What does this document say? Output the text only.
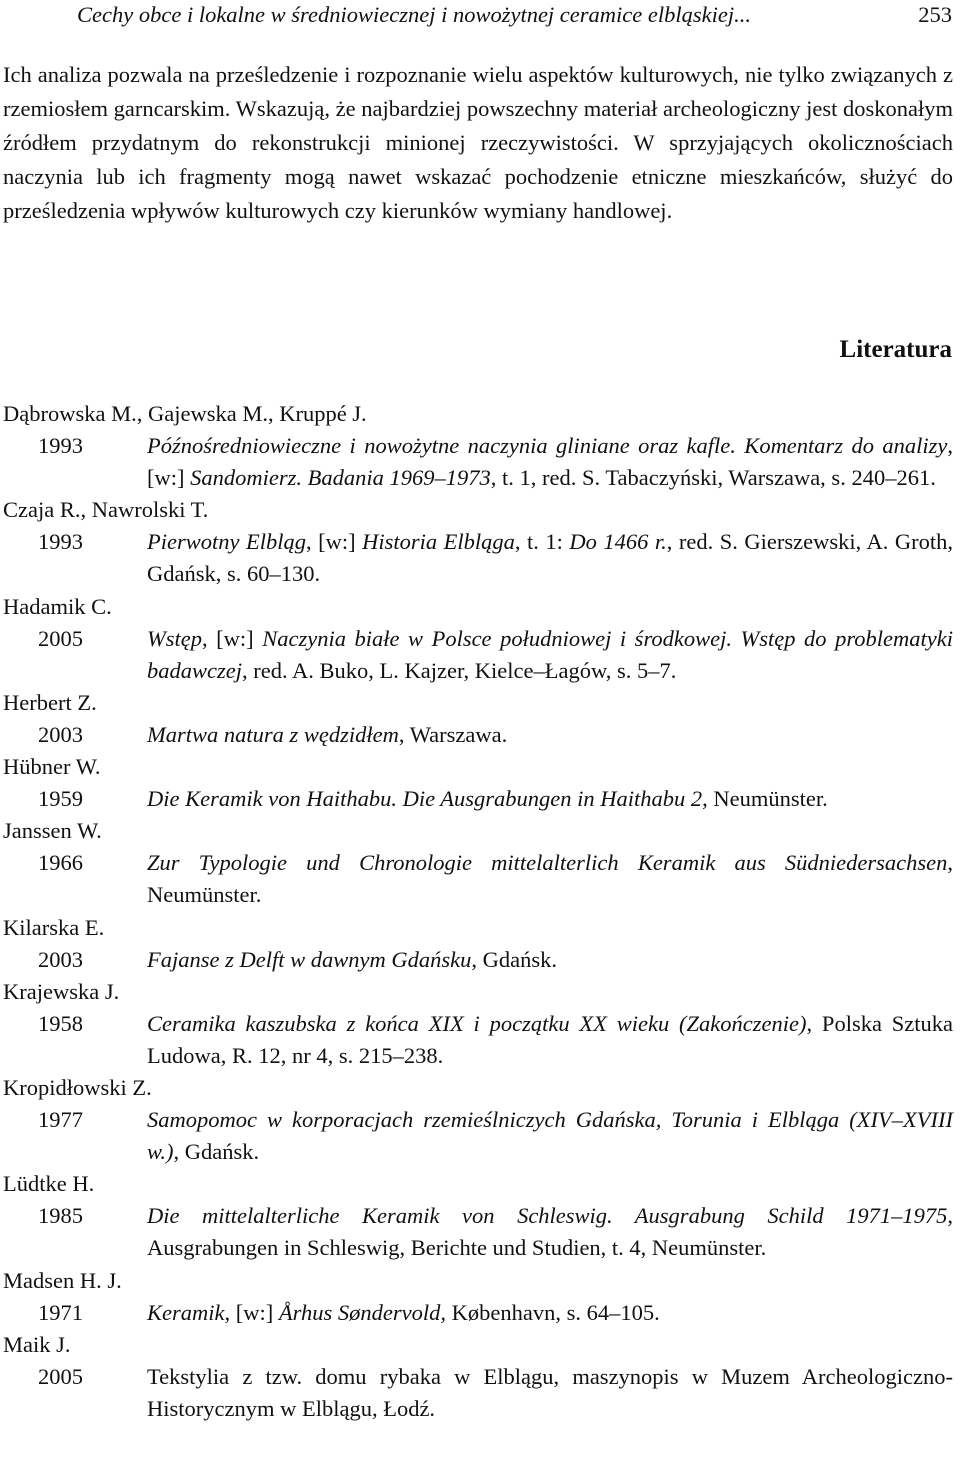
Cechy obce i lokalne w średniowiecznej i nowożytnej ceramice elbląskiej...	253

Ich analiza pozwala na prześledzenie i rozpoznanie wielu aspektów kulturowych, nie tylko związanych z rzemiosłem garncarskim. Wskazują, że najbardziej powszechny materiał archeologiczny jest doskonałym źródłem przydatnym do rekonstrukcji minionej rzeczywistości. W sprzyjających okolicznościach naczynia lub ich fragmenty mogą nawet wskazać pochodzenie etniczne mieszkańców, służyć do prześledzenia wpływów kulturowych czy kierunków wymiany handlowej.

Literatura
Dąbrowska M., Gajewska M., Kruppé J.
1993	Późnośredniowieczne i nowożytne naczynia gliniane oraz kafle. Komentarz do analizy, [w:] Sandomierz. Badania 1969–1973, t. 1, red. S. Tabaczyński, Warszawa, s. 240–261.
Czaja R., Nawrolski T.
1993	Pierwotny Elbląg, [w:] Historia Elbląga, t. 1: Do 1466 r., red. S. Gierszewski, A. Groth, Gdańsk, s. 60–130.
Hadamik C.
2005	Wstęp, [w:] Naczynia białe w Polsce południowej i środkowej. Wstęp do problematyki badawczej, red. A. Buko, L. Kajzer, Kielce–Łagów, s. 5–7.
Herbert Z.
2003	Martwa natura z wędzidłem, Warszawa.
Hübner W.
1959	Die Keramik von Haithabu. Die Ausgrabungen in Haithabu 2, Neumünster.
Janssen W.
1966	Zur Typologie und Chronologie mittelalterlich Keramik aus Südniedersachsen, Neumünster.
Kilarska E.
2003	Fajanse z Delft w dawnym Gdańsku, Gdańsk.
Krajewska J.
1958	Ceramika kaszubska z końca XIX i początku XX wieku (Zakończenie), Polska Sztuka Ludowa, R. 12, nr 4, s. 215–238.
Kropidłowski Z.
1977	Samopomoc w korporacjach rzemieślniczych Gdańska, Torunia i Elbląga (XIV–XVIII w.), Gdańsk.
Lüdtke H.
1985	Die mittelalterliche Keramik von Schleswig. Ausgrabung Schild 1971–1975, Ausgrabungen in Schleswig, Berichte und Studien, t. 4, Neumünster.
Madsen H. J.
1971	Keramik, [w:] Århus Søndervold, København, s. 64–105.
Maik J.
2005	Tekstylia z tzw. domu rybaka w Elblągu, maszynopis w Muzem Archeologiczno-Historycznym w Elblągu, Łodź.
